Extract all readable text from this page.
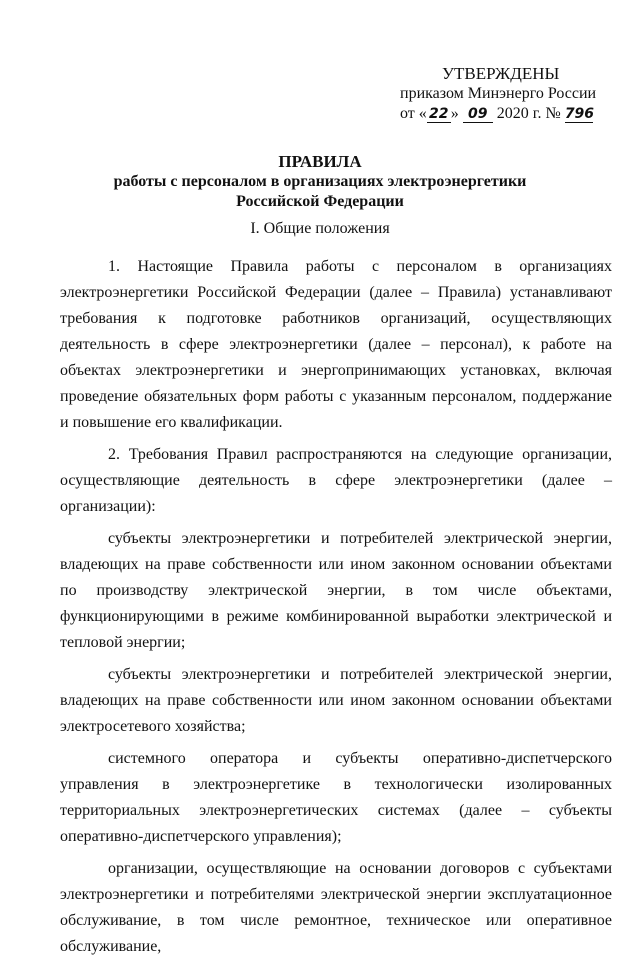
УТВЕРЖДЕНЫ
приказом Минэнерго России
от « 22 » 09 2020 г. № 796
ПРАВИЛА
работы с персоналом в организациях электроэнергетики
Российской Федерации
I. Общие положения

1. Настоящие Правила работы с персоналом в организациях электроэнергетики Российской Федерации (далее – Правила) устанавливают требования к подготовке работников организаций, осуществляющих деятельность в сфере электроэнергетики (далее – персонал), к работе на объектах электроэнергетики и энергопринимающих установках, включая проведение обязательных форм работы с указанным персоналом, поддержание и повышение его квалификации.

2. Требования Правил распространяются на следующие организации, осуществляющие деятельность в сфере электроэнергетики (далее – организации):

субъекты электроэнергетики и потребителей электрической энергии, владеющих на праве собственности или ином законном основании объектами по производству электрической энергии, в том числе объектами, функционирующими в режиме комбинированной выработки электрической и тепловой энергии;

субъекты электроэнергетики и потребителей электрической энергии, владеющих на праве собственности или ином законном основании объектами электросетевого хозяйства;

системного оператора и субъекты оперативно-диспетчерского управления в электроэнергетике в технологически изолированных территориальных электроэнергетических системах (далее – субъекты оперативно-диспетчерского управления);

организации, осуществляющие на основании договоров с субъектами электроэнергетики и потребителями электрической энергии эксплуатационное обслуживание, в том числе ремонтное, техническое или оперативное обслуживание,
